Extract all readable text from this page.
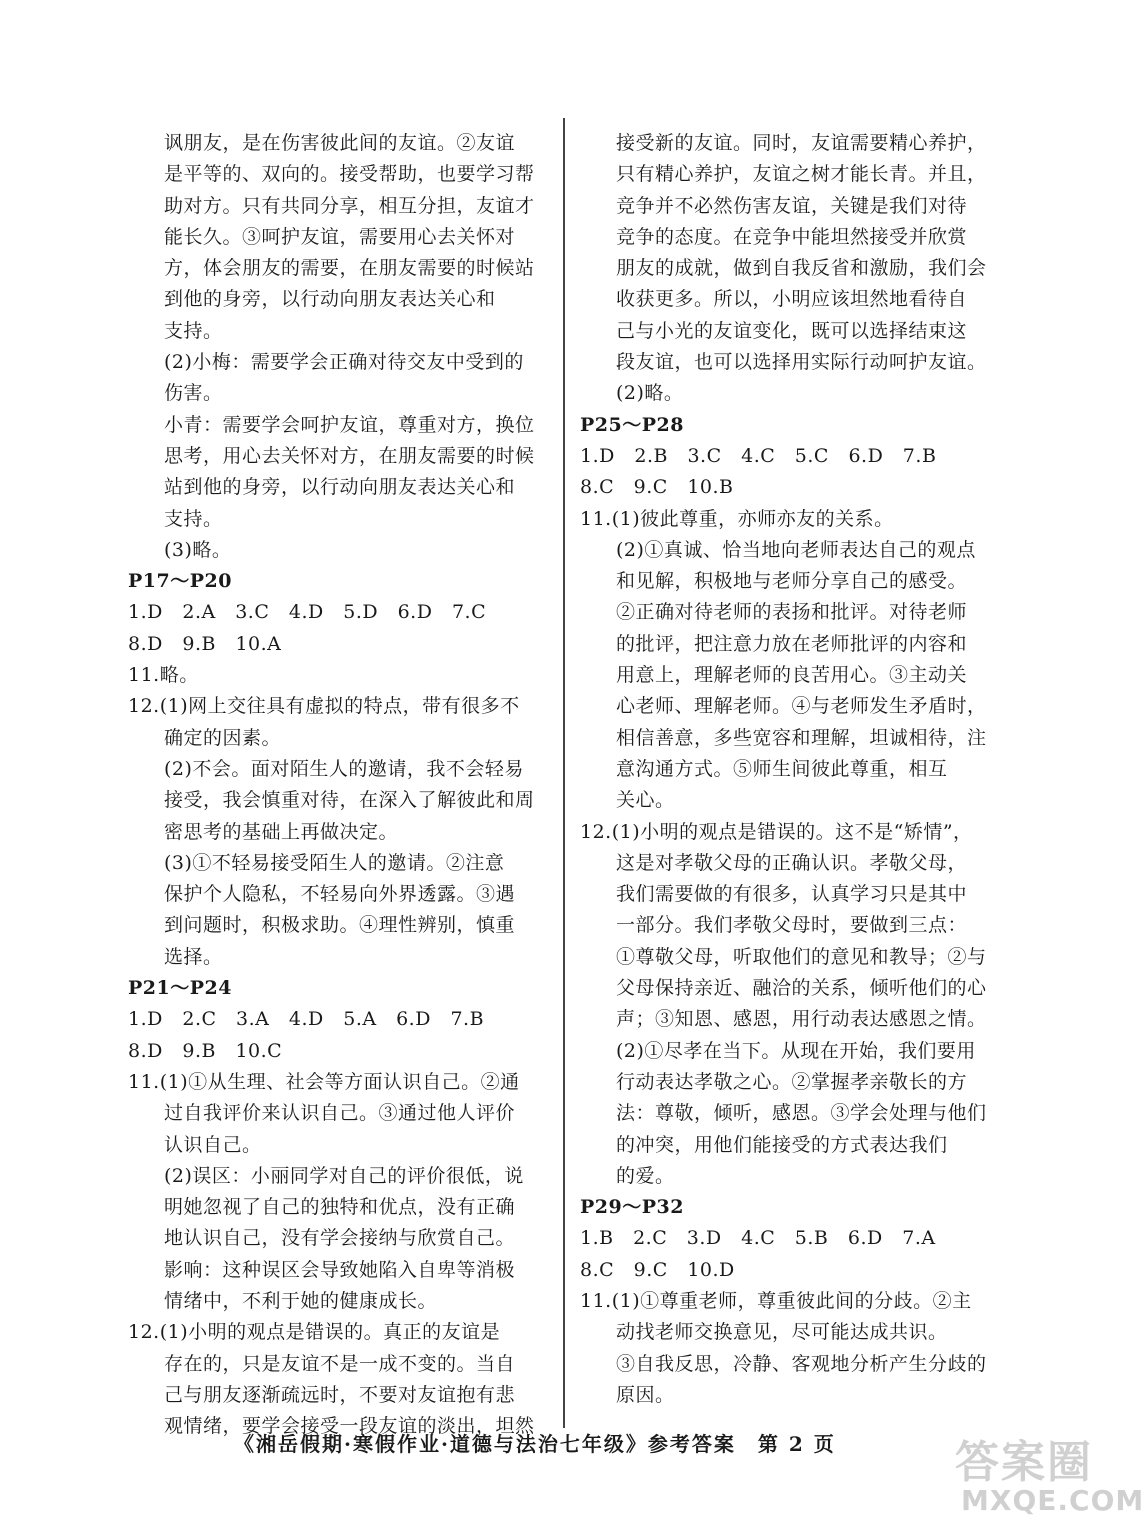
讽朋友，是在伤害彼此间的友谊。②友谊
是平等的、双向的。接受帮助，也要学习帮
助对方。只有共同分享，相互分担，友谊才
能长久。③呵护友谊，需要用心去关怀对
方，体会朋友的需要，在朋友需要的时候站
到他的身旁，以行动向朋友表达关心和
支持。
(2)小梅：需要学会正确对待交友中受到的
伤害。
小青：需要学会呵护友谊，尊重对方，换位
思考，用心去关怀对方，在朋友需要的时候
站到他的身旁，以行动向朋友表达关心和
支持。
(3)略。
P17～P20
1.D　2.A　3.C　4.D　5.D　6.D　7.C
8.D　9.B　10.A
11.略。
12.(1)网上交往具有虚拟的特点，带有很多不
确定的因素。
(2)不会。面对陌生人的邀请，我不会轻易
接受，我会慎重对待，在深入了解彼此和周
密思考的基础上再做决定。
(3)①不轻易接受陌生人的邀请。②注意
保护个人隐私，不轻易向外界透露。③遇
到问题时，积极求助。④理性辨别，慎重
选择。
P21～P24
1.D　2.C　3.A　4.D　5.A　6.D　7.B
8.D　9.B　10.C
11.(1)①从生理、社会等方面认识自己。②通
过自我评价来认识自己。③通过他人评价
认识自己。
(2)误区：小丽同学对自己的评价很低，说
明她忽视了自己的独特和优点，没有正确
地认识自己，没有学会接纳与欣赏自己。
影响：这种误区会导致她陷入自卑等消极
情绪中，不利于她的健康成长。
12.(1)小明的观点是错误的。真正的友谊是
存在的，只是友谊不是一成不变的。当自
己与朋友逐渐疏远时，不要对友谊抱有悲
观情绪，要学会接受一段友谊的淡出，坦然
接受新的友谊。同时，友谊需要精心养护，
只有精心养护，友谊之树才能长青。并且，
竞争并不必然伤害友谊，关键是我们对待
竞争的态度。在竞争中能坦然接受并欣赏
朋友的成就，做到自我反省和激励，我们会
收获更多。所以，小明应该坦然地看待自
己与小光的友谊变化，既可以选择结束这
段友谊，也可以选择用实际行动呵护友谊。
(2)略。
P25～P28
1.D　2.B　3.C　4.C　5.C　6.D　7.B
8.C　9.C　10.B
11.(1)彼此尊重，亦师亦友的关系。
(2)①真诚、恰当地向老师表达自己的观点
和见解，积极地与老师分享自己的感受。
②正确对待老师的表扬和批评。对待老师
的批评，把注意力放在老师批评的内容和
用意上，理解老师的良苦用心。③主动关
心老师、理解老师。④与老师发生矛盾时，
相信善意，多些宽容和理解，坦诚相待，注
意沟通方式。⑤师生间彼此尊重，相互
关心。
12.(1)小明的观点是错误的。这不是“矫情”，
这是对孝敬父母的正确认识。孝敬父母，
我们需要做的有很多，认真学习只是其中
一部分。我们孝敬父母时，要做到三点：
①尊敬父母，听取他们的意见和教导；②与
父母保持亲近、融洽的关系，倾听他们的心
声；③知恩、感恩，用行动表达感恩之情。
(2)①尽孝在当下。从现在开始，我们要用
行动表达孝敬之心。②掌握孝亲敬长的方
法：尊敬，倾听，感恩。③学会处理与他们
的冲突，用他们能接受的方式表达我们
的爱。
P29～P32
1.B　2.C　3.D　4.C　5.B　6.D　7.A
8.C　9.C　10.D
11.(1)①尊重老师，尊重彼此间的分歧。②主
动找老师交换意见，尽可能达成共识。
③自我反思，冷静、客观地分析产生分歧的
原因。
《湘岳假期·寒假作业·道德与法治七年级》参考答案　第 2 页	答案圈
MXQE.COM
